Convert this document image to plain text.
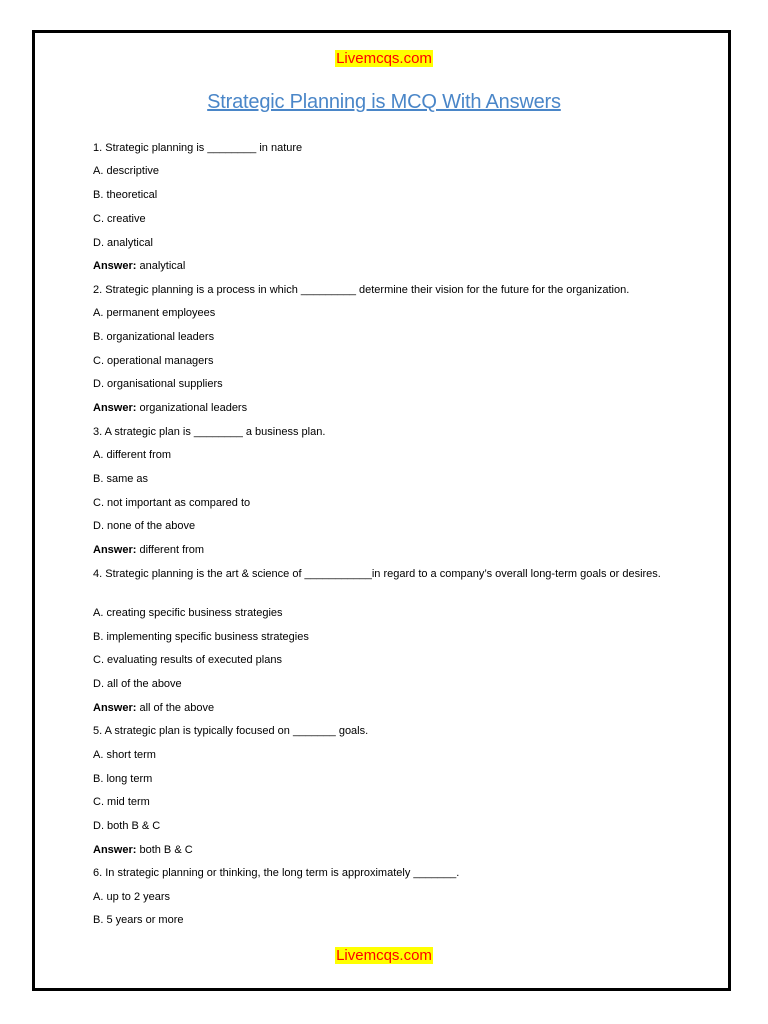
Livemcqs.com
Strategic Planning is MCQ With Answers
1. Strategic planning is ________ in nature
A. descriptive
B. theoretical
C. creative
D. analytical
Answer: analytical
2. Strategic planning is a process in which _________ determine their vision for the future for the organization.
A. permanent employees
B. organizational leaders
C. operational managers
D. organisational suppliers
Answer: organizational leaders
3. A strategic plan is ________ a business plan.
A. different from
B. same as
C. not important as compared to
D. none of the above
Answer: different from
4. Strategic planning is the art & science of ___________in regard to a company’s overall long-term goals or desires.
A. creating specific business strategies
B. implementing specific business strategies
C. evaluating results of executed plans
D. all of the above
Answer: all of the above
5. A strategic plan is typically focused on _______ goals.
A. short term
B. long term
C. mid term
D. both B & C
Answer: both B & C
6. In strategic planning or thinking, the long term is approximately _______.
A. up to 2 years
B. 5 years or more
Livemcqs.com
